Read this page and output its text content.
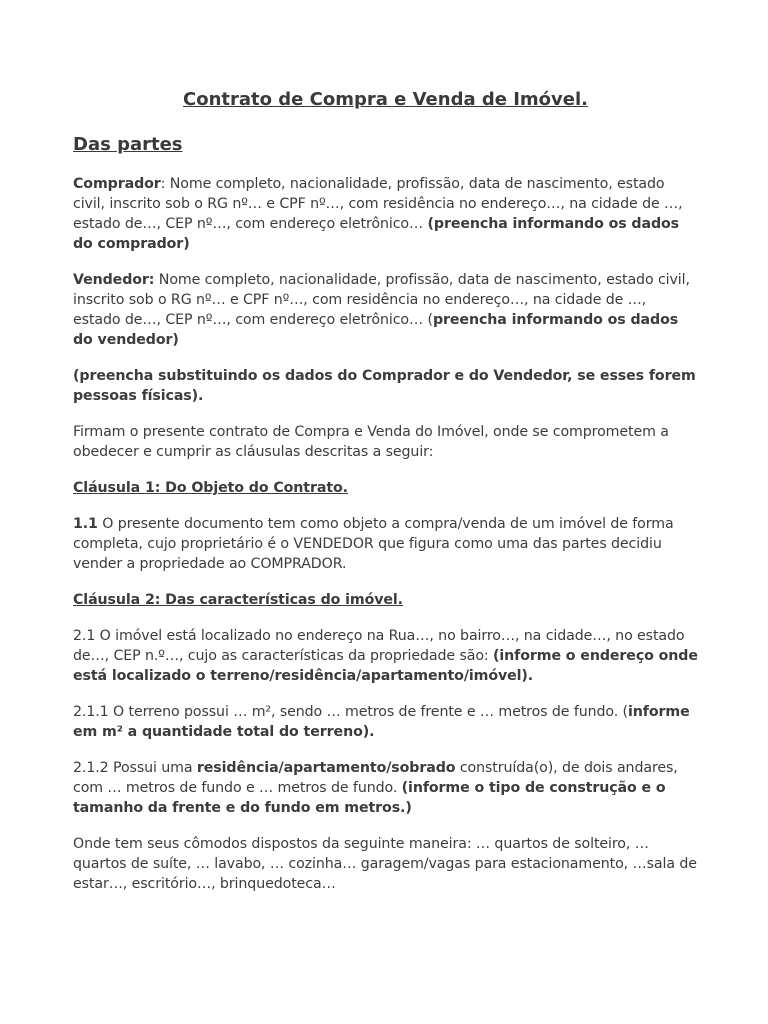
Contrato de Compra e Venda de Imóvel.
Das partes

Comprador: Nome completo, nacionalidade, profissão, data de nascimento, estado civil, inscrito sob o RG nº… e CPF nº…, com residência no endereço…, na cidade de …, estado de…, CEP nº…, com endereço eletrônico… (preencha informando os dados do comprador)

Vendedor: Nome completo, nacionalidade, profissão, data de nascimento, estado civil, inscrito sob o RG nº… e CPF nº…, com residência no endereço…, na cidade de …, estado de…, CEP nº…, com endereço eletrônico… (preencha informando os dados do vendedor)

(preencha substituindo os dados do Comprador e do Vendedor, se esses forem pessoas físicas).

Firmam o presente contrato de Compra e Venda do Imóvel, onde se comprometem a obedecer e cumprir as cláusulas descritas a seguir:

Cláusula 1: Do Objeto do Contrato.

1.1 O presente documento tem como objeto a compra/venda de um imóvel de forma completa, cujo proprietário é o VENDEDOR que figura como uma das partes decidiu vender a propriedade ao COMPRADOR.

Cláusula 2: Das características do imóvel.

2.1 O imóvel está localizado no endereço na Rua…, no bairro…, na cidade…, no estado de…, CEP n.º…, cujo as características da propriedade são: (informe o endereço onde está localizado o terreno/residência/apartamento/imóvel).

2.1.1 O terreno possui … m², sendo … metros de frente e … metros de fundo. (informe em m² a quantidade total do terreno).

2.1.2 Possui uma residência/apartamento/sobrado construída(o), de dois andares, com … metros de fundo e … metros de fundo. (informe o tipo de construção e o tamanho da frente e do fundo em metros.)

Onde tem seus cômodos dispostos da seguinte maneira: … quartos de solteiro, … quartos de suíte, … lavabo, … cozinha… garagem/vagas para estacionamento, …sala de estar…, escritório…, brinquedoteca…
